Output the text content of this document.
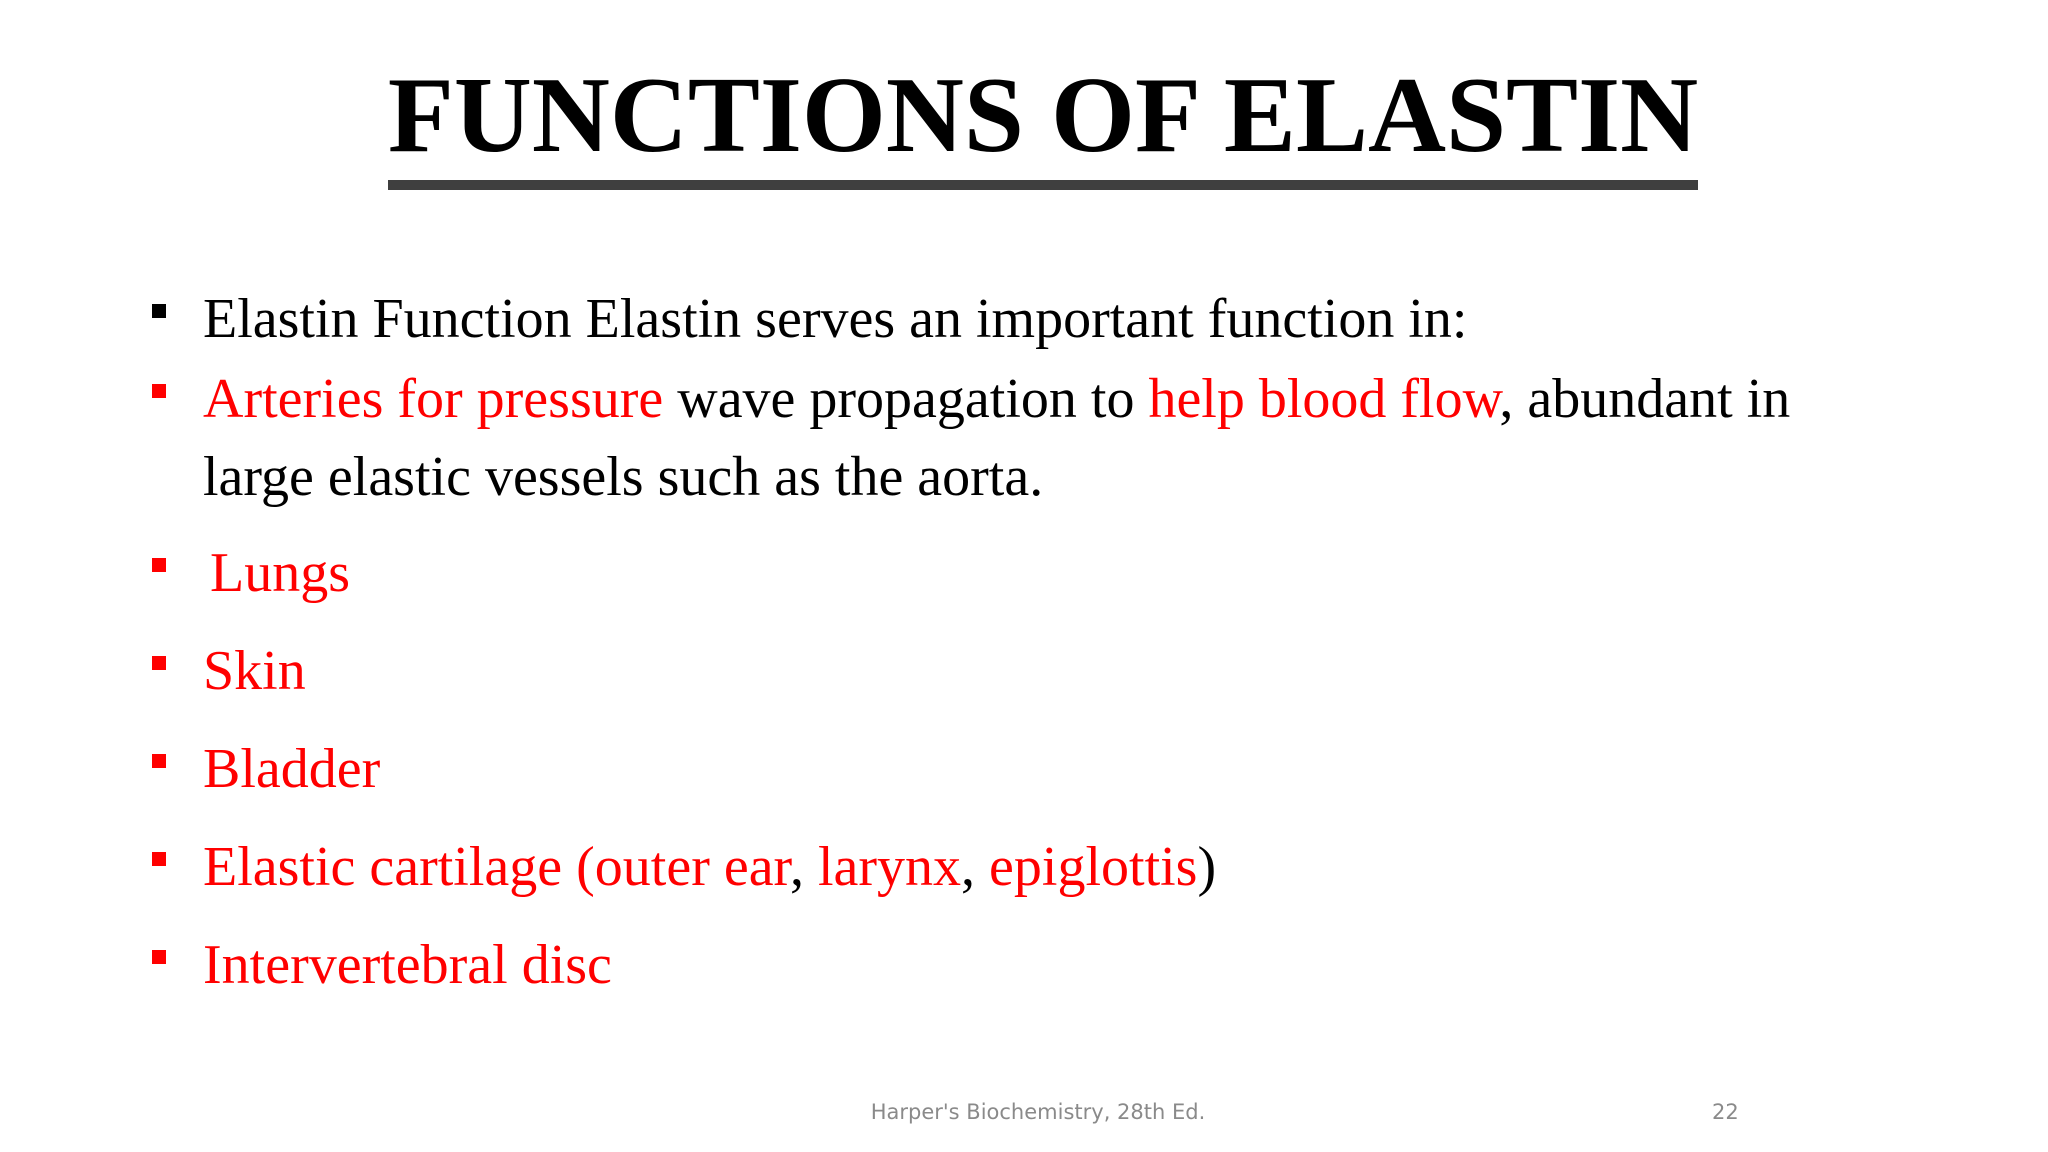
FUNCTIONS OF ELASTIN
Elastin Function Elastin serves an important function in:
Arteries for pressure wave propagation to help blood flow, abundant in large elastic vessels such as the aorta.
Lungs
Skin
Bladder
Elastic cartilage (outer ear, larynx, epiglottis)
Intervertebral disc
Harper's Biochemistry, 28th Ed.	22
